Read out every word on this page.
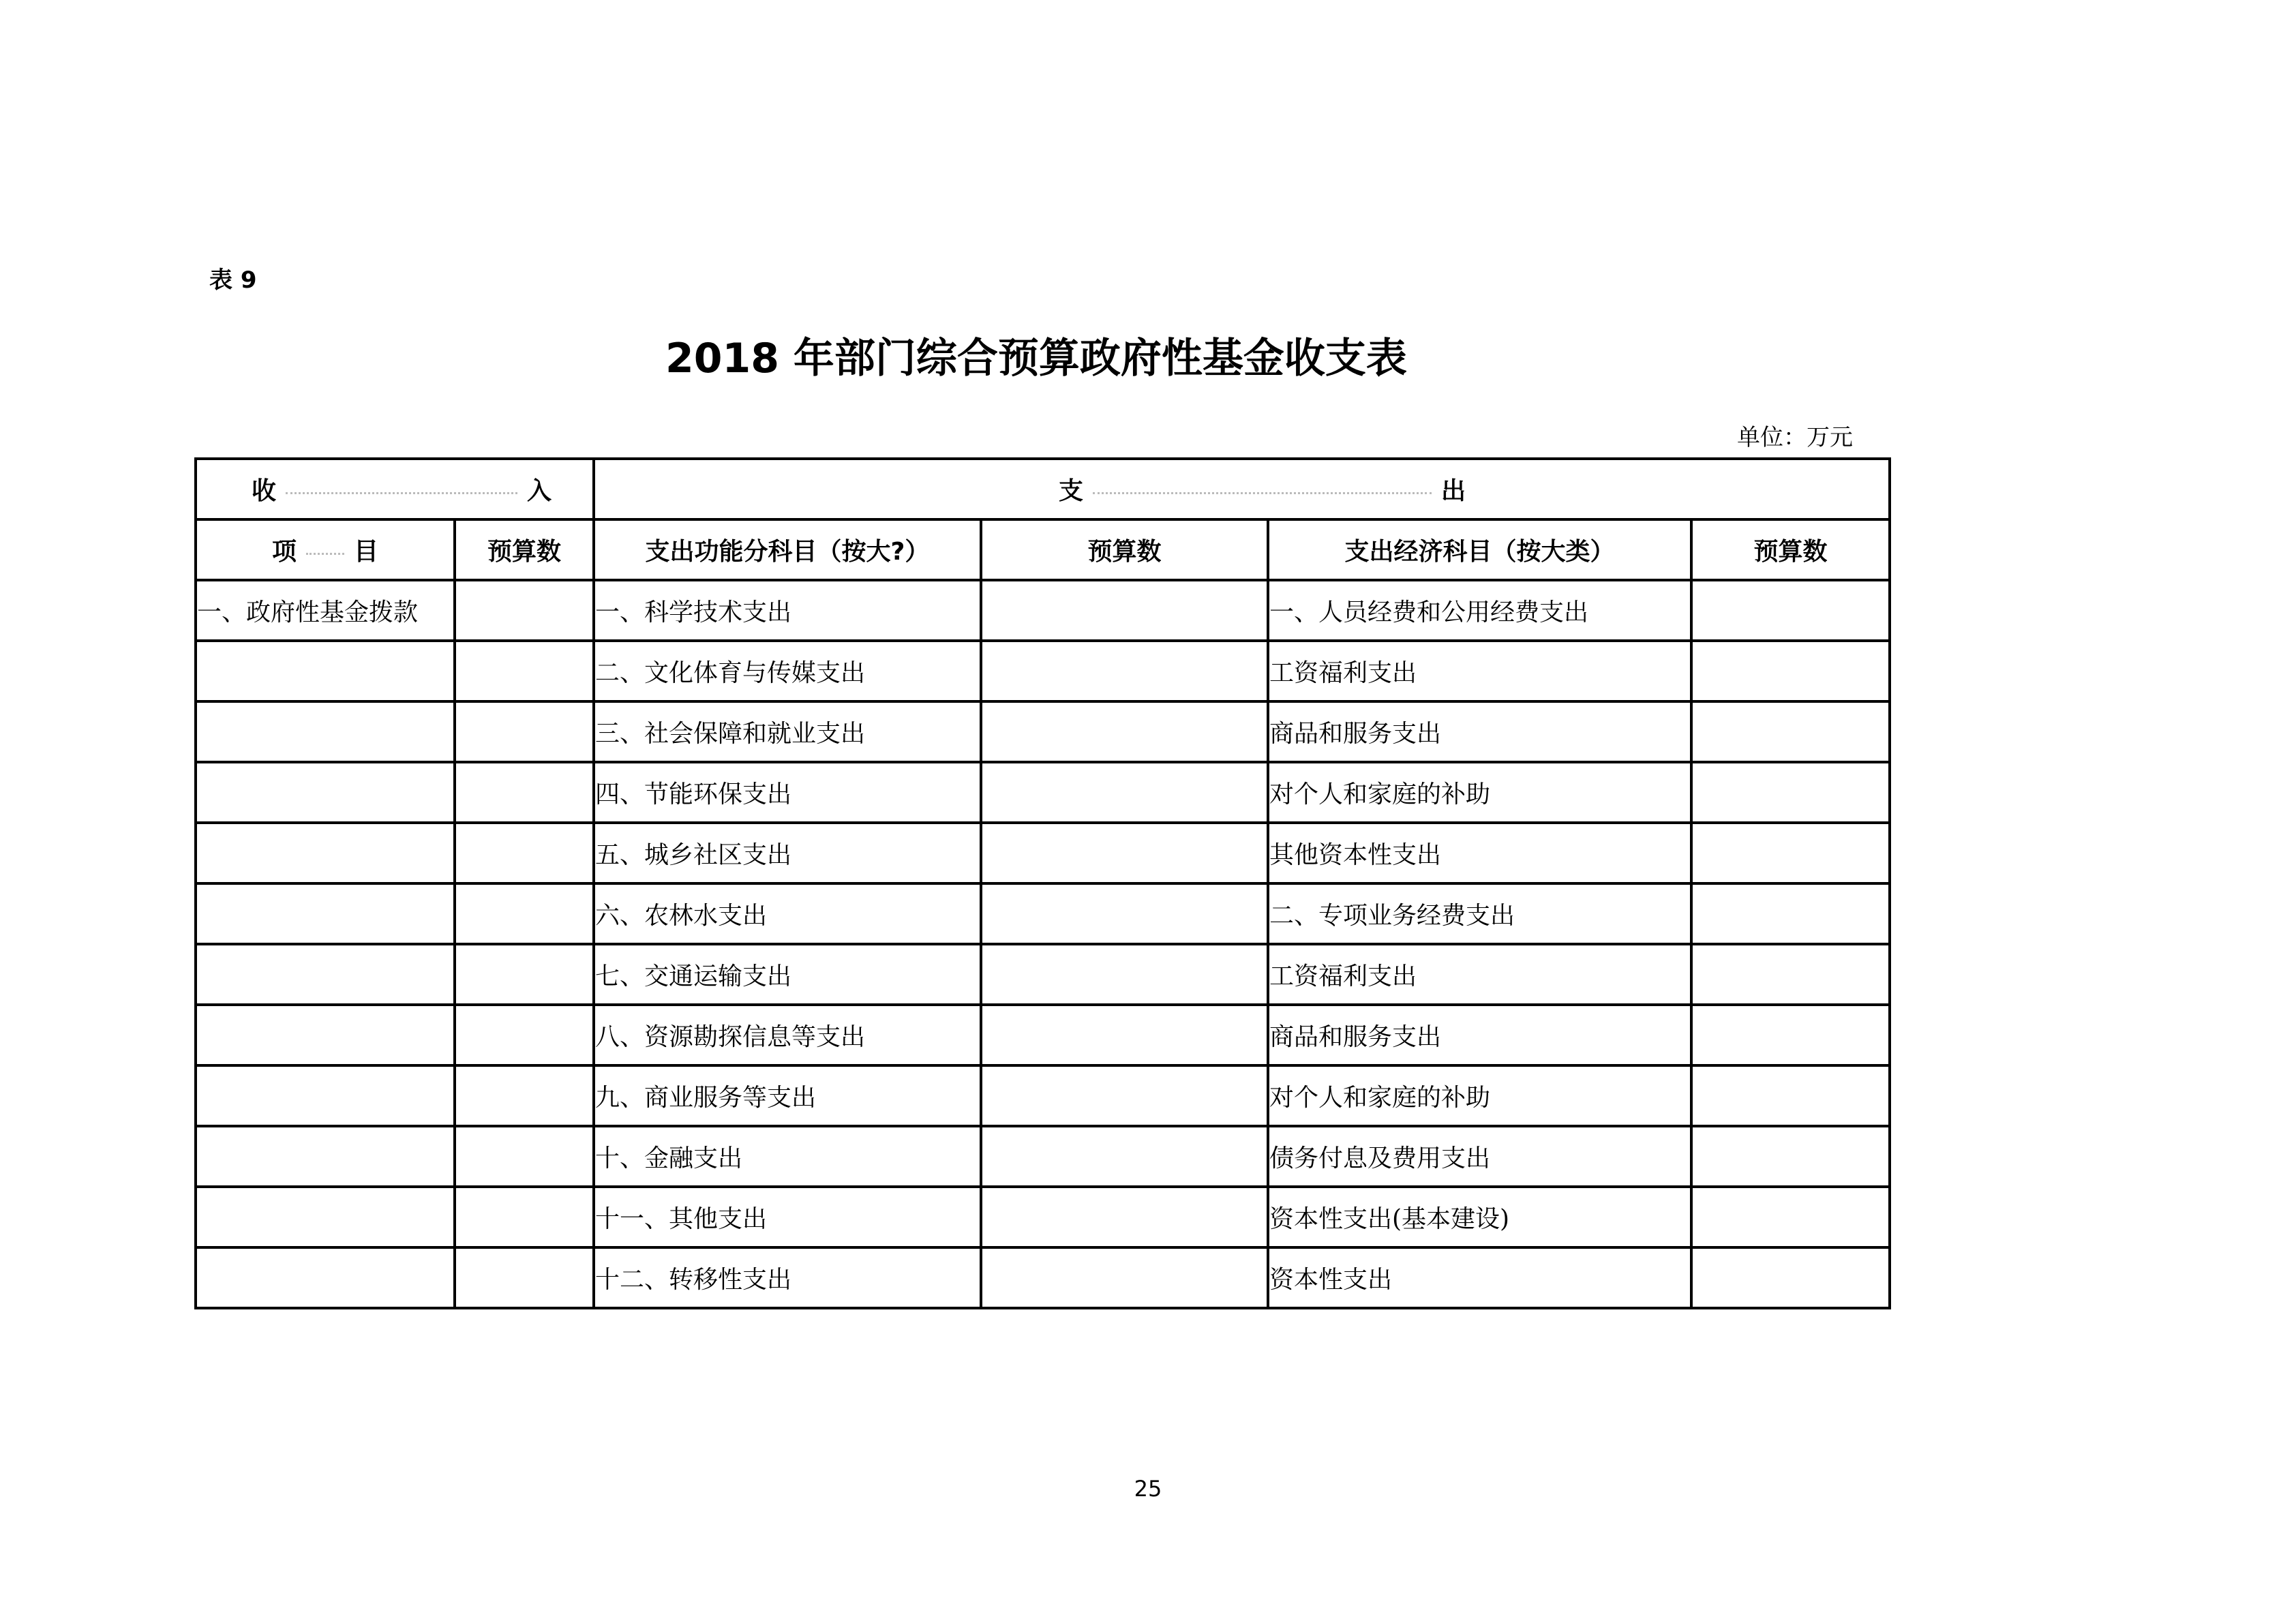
表 9
2018 年部门综合预算政府性基金收支表
单位：万元
收 入		支 出			

项 目	预算数	支出功能分科目（按大?）	预算数	支出经济科目（按大类）	预算数
一、政府性基金拨款		一、科学技术支出		一、人员经费和公用经费支出	
		二、文化体育与传媒支出		工资福利支出	
		三、社会保障和就业支出		商品和服务支出	
		四、节能环保支出		对个人和家庭的补助	
		五、城乡社区支出		其他资本性支出	
		六、农林水支出		二、专项业务经费支出	
		七、交通运输支出		工资福利支出	
		八、资源勘探信息等支出		商品和服务支出	
		九、商业服务等支出		对个人和家庭的补助	
		十、金融支出		债务付息及费用支出	
		十一、其他支出		资本性支出(基本建设)	
		十二、转移性支出		资本性支出	
25
